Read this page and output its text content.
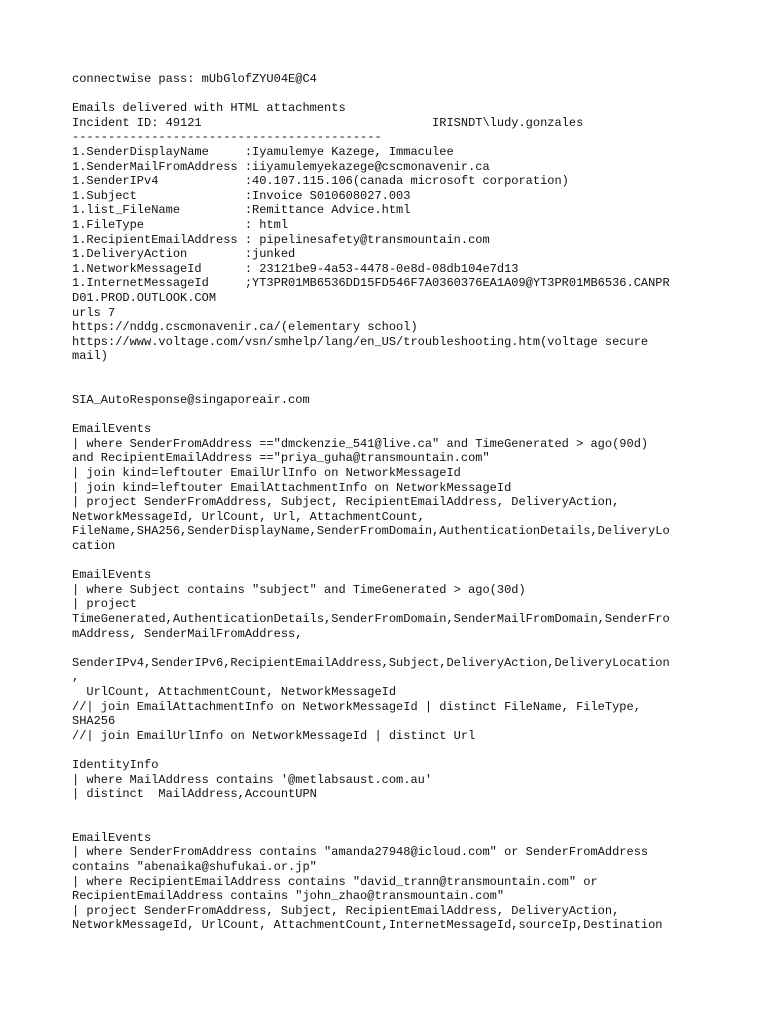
connectwise pass: mUbGlofZYU04E@C4
Emails delivered with HTML attachments
Incident ID: 49121                                IRISNDT\ludy.gonzales
-------------------------------------------
1.SenderDisplayName     :Iyamulemye Kazege, Immaculee
1.SenderMailFromAddress :iiyamulemyekazege@cscmonavenir.ca
1.SenderIPv4            :40.107.115.106(canada microsoft corporation)
1.Subject               :Invoice S010608027.003
1.list_FileName         :Remittance Advice.html
1.FileType              : html
1.RecipientEmailAddress : pipelinesafety@transmountain.com
1.DeliveryAction        :junked
1.NetworkMessageId      : 23121be9-4a53-4478-0e8d-08db104e7d13
1.InternetMessageId     ;YT3PR01MB6536DD15FD546F7A0360376EA1A09@YT3PR01MB6536.CANPR
D01.PROD.OUTLOOK.COM
urls 7
https://nddg.cscmonavenir.ca/(elementary school)
https://www.voltage.com/vsn/smhelp/lang/en_US/troubleshooting.htm(voltage secure
mail)
SIA_AutoResponse@singaporeair.com
EmailEvents
| where SenderFromAddress =="dmckenzie_541@live.ca" and TimeGenerated > ago(90d)
and RecipientEmailAddress =="priya_guha@transmountain.com"
| join kind=leftouter EmailUrlInfo on NetworkMessageId
| join kind=leftouter EmailAttachmentInfo on NetworkMessageId
| project SenderFromAddress, Subject, RecipientEmailAddress, DeliveryAction,
NetworkMessageId, UrlCount, Url, AttachmentCount,
FileName,SHA256,SenderDisplayName,SenderFromDomain,AuthenticationDetails,DeliveryLo
cation
EmailEvents
| where Subject contains "subject" and TimeGenerated > ago(30d)
| project
TimeGenerated,AuthenticationDetails,SenderFromDomain,SenderMailFromDomain,SenderFro
mAddress, SenderMailFromAddress,
SenderIPv4,SenderIPv6,RecipientEmailAddress,Subject,DeliveryAction,DeliveryLocation
,
UrlCount, AttachmentCount, NetworkMessageId
//| join EmailAttachmentInfo on NetworkMessageId | distinct FileName, FileType,
SHA256
//| join EmailUrlInfo on NetworkMessageId | distinct Url
IdentityInfo
| where MailAddress contains '@metlabsaust.com.au'
| distinct  MailAddress,AccountUPN
EmailEvents
| where SenderFromAddress contains "amanda27948@icloud.com" or SenderFromAddress
contains "abenaika@shufukai.or.jp"
| where RecipientEmailAddress contains "david_trann@transmountain.com" or
RecipientEmailAddress contains "john_zhao@transmountain.com"
| project SenderFromAddress, Subject, RecipientEmailAddress, DeliveryAction,
NetworkMessageId, UrlCount, AttachmentCount,InternetMessageId,sourceIp,Destination
